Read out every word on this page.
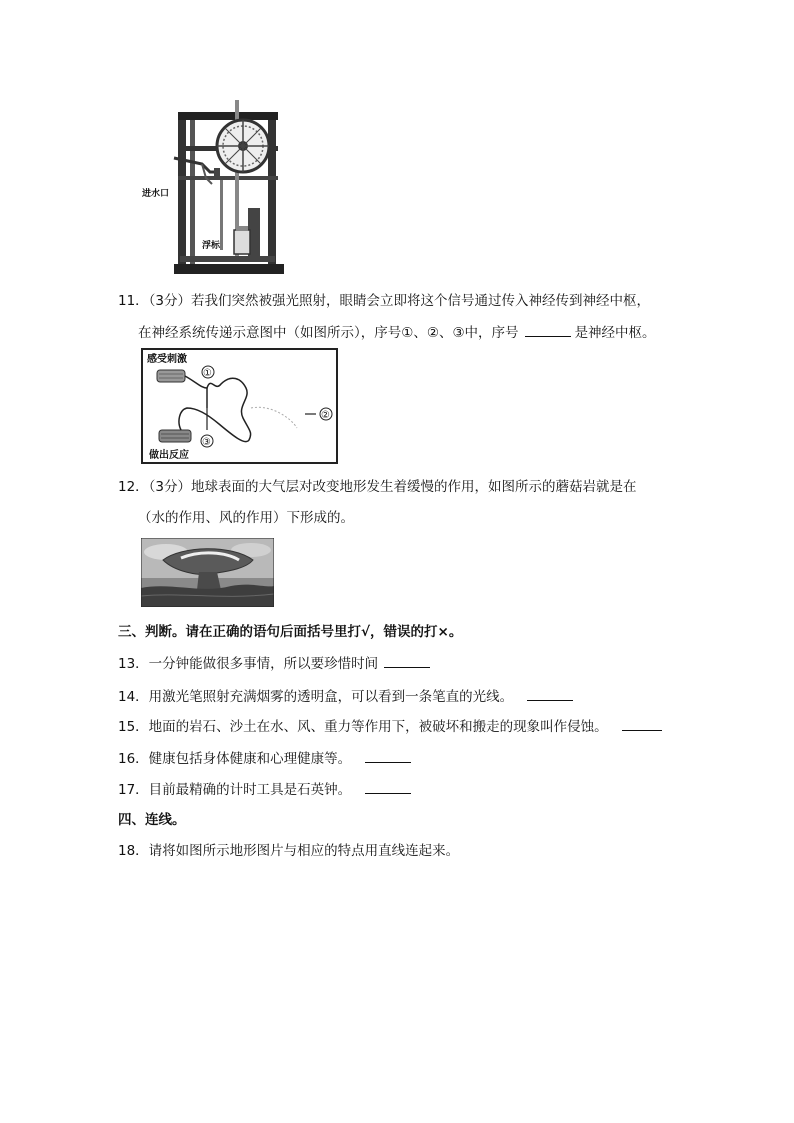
进水口
浮标
11．（3分）若我们突然被强光照射，眼睛会立即将这个信号通过传入神经传到神经中枢，
在神经系统传递示意图中（如图所示），序号①、②、③中，序号	是神经中枢。
感受刺激
做出反应
①
②
③
12．（3分）地球表面的大气层对改变地形发生着缓慢的作用，如图所示的蘑菇岩就是在
（水的作用、风的作用）下形成的。
三、判断。请在正确的语句后面括号里打√，错误的打×。
13．一分钟能做很多事情，所以要珍惜时间
14．用激光笔照射充满烟雾的透明盒，可以看到一条笔直的光线。
15．地面的岩石、沙土在水、风、重力等作用下，被破坏和搬走的现象叫作侵蚀。
16．健康包括身体健康和心理健康等。
17．目前最精确的计时工具是石英钟。
四、连线。
18．请将如图所示地形图片与相应的特点用直线连起来。
